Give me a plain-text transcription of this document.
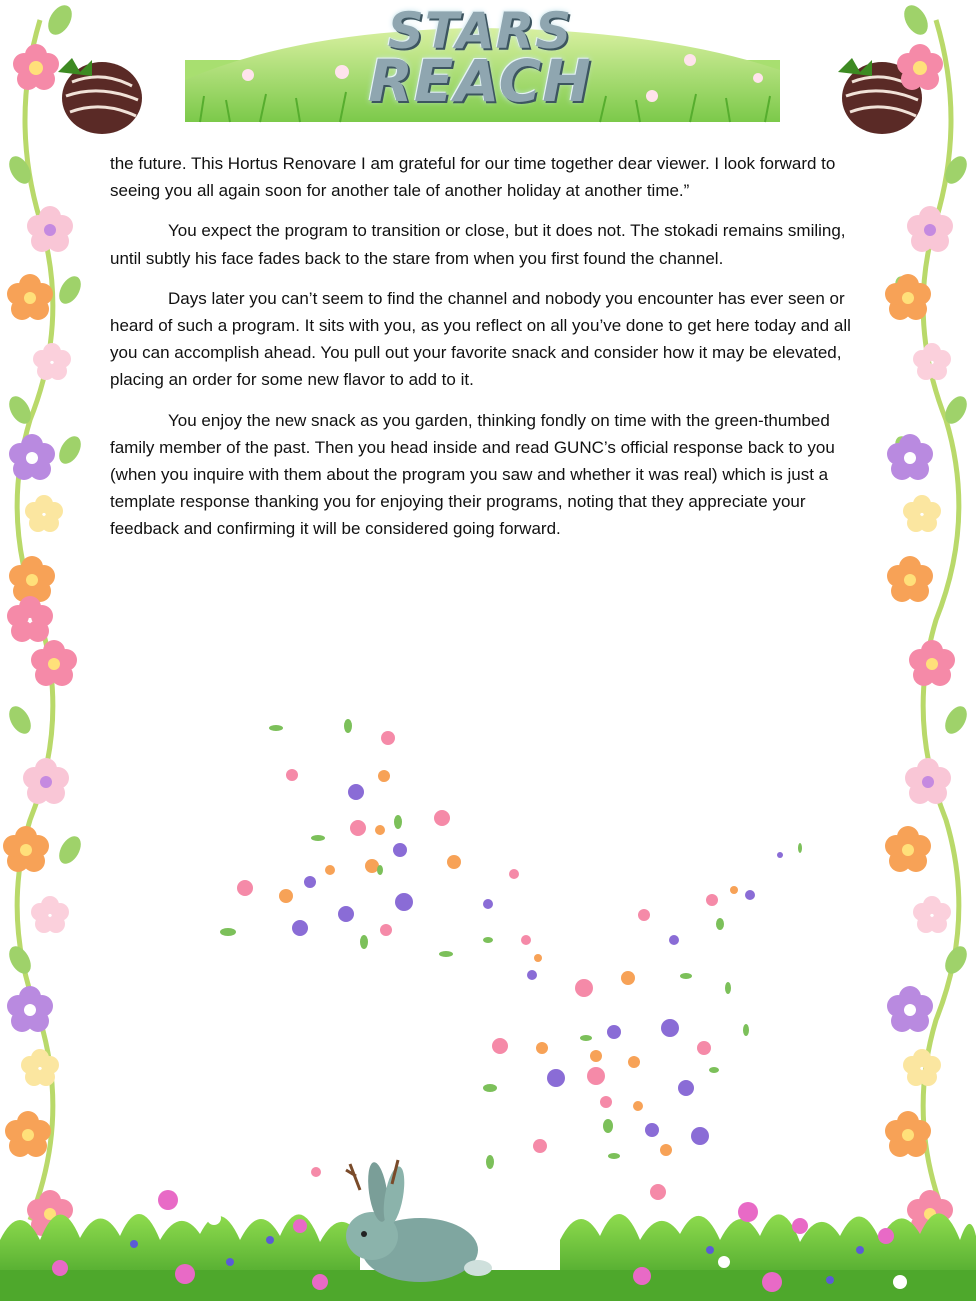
STARS
REACH

the future. This Hortus Renovare I am grateful for our time together dear viewer. I look forward to seeing you all again soon for another tale of another holiday at another time.”

You expect the program to transition or close, but it does not. The stokadi remains smiling, until subtly his face fades back to the stare from when you first found the channel.

Days later you can’t seem to find the channel and nobody you encounter has ever seen or heard of such a program. It sits with you, as you reflect on all you’ve done to get here today and all you can accomplish ahead. You pull out your favorite snack and consider how it may be elevated, placing an order for some new flavor to add to it.

You enjoy the new snack as you garden, thinking fondly on time with the green-thumbed family member of the past. Then you head inside and read GUNC’s official response back to you (when you inquire with them about the program you saw and whether it was real) which is just a template response thanking you for enjoying their programs, noting that they appreciate your feedback and confirming it will be considered going forward.
